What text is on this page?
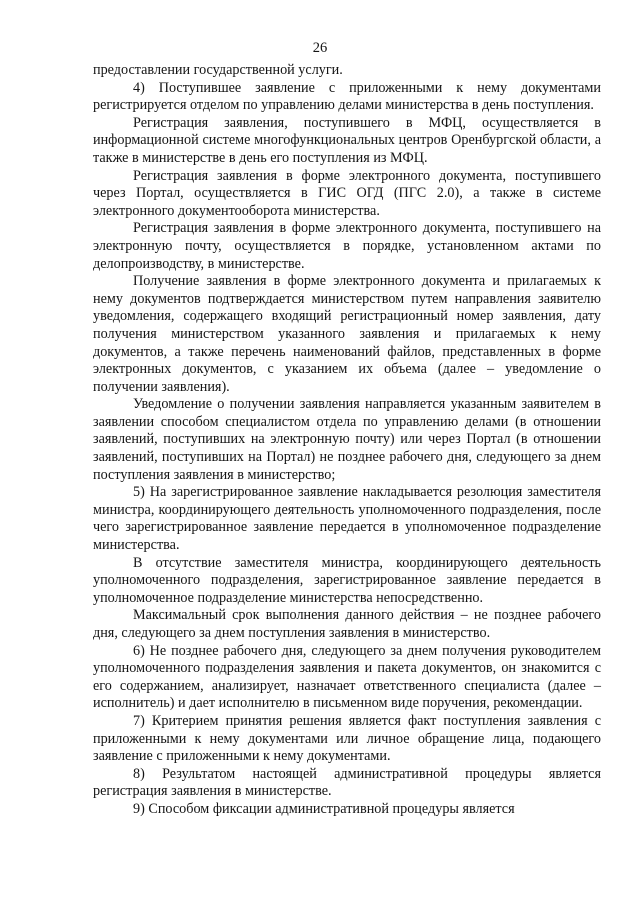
26

предоставлении государственной услуги.

4) Поступившее заявление с приложенными к нему документами регистрируется отделом по управлению делами министерства в день поступления.

Регистрация заявления, поступившего в МФЦ, осуществляется в информационной системе многофункциональных центров Оренбургской области, а также в министерстве в день его поступления из МФЦ.

Регистрация заявления в форме электронного документа, поступившего через Портал, осуществляется в ГИС ОГД (ПГС 2.0), а также в системе электронного документооборота министерства.

Регистрация заявления в форме электронного документа, поступившего на электронную почту, осуществляется в порядке, установленном актами по делопроизводству, в министерстве.

Получение заявления в форме электронного документа и прилагаемых к нему документов подтверждается министерством путем направления заявителю уведомления, содержащего входящий регистрационный номер заявления, дату получения министерством указанного заявления и прилагаемых к нему документов, а также перечень наименований файлов, представленных в форме электронных документов, с указанием их объема (далее – уведомление о получении заявления).

Уведомление о получении заявления направляется указанным заявителем в заявлении способом специалистом отдела по управлению делами (в отношении заявлений, поступивших на электронную почту) или через Портал (в отношении заявлений, поступивших на Портал) не позднее рабочего дня, следующего за днем поступления заявления в министерство;

5) На зарегистрированное заявление накладывается резолюция заместителя министра, координирующего деятельность уполномоченного подразделения, после чего зарегистрированное заявление передается в уполномоченное подразделение министерства.

В отсутствие заместителя министра, координирующего деятельность уполномоченного подразделения, зарегистрированное заявление передается в уполномоченное подразделение министерства непосредственно.

Максимальный срок выполнения данного действия – не позднее рабочего дня, следующего за днем поступления заявления в министерство.

6) Не позднее рабочего дня, следующего за днем получения руководителем уполномоченного подразделения заявления и пакета документов, он знакомится с его содержанием, анализирует, назначает ответственного специалиста (далее – исполнитель) и дает исполнителю в письменном виде поручения, рекомендации.

7) Критерием принятия решения является факт поступления заявления с приложенными к нему документами или личное обращение лица, подающего заявление с приложенными к нему документами.

8) Результатом настоящей административной процедуры является регистрация заявления в министерстве.

9) Способом фиксации административной процедуры является
